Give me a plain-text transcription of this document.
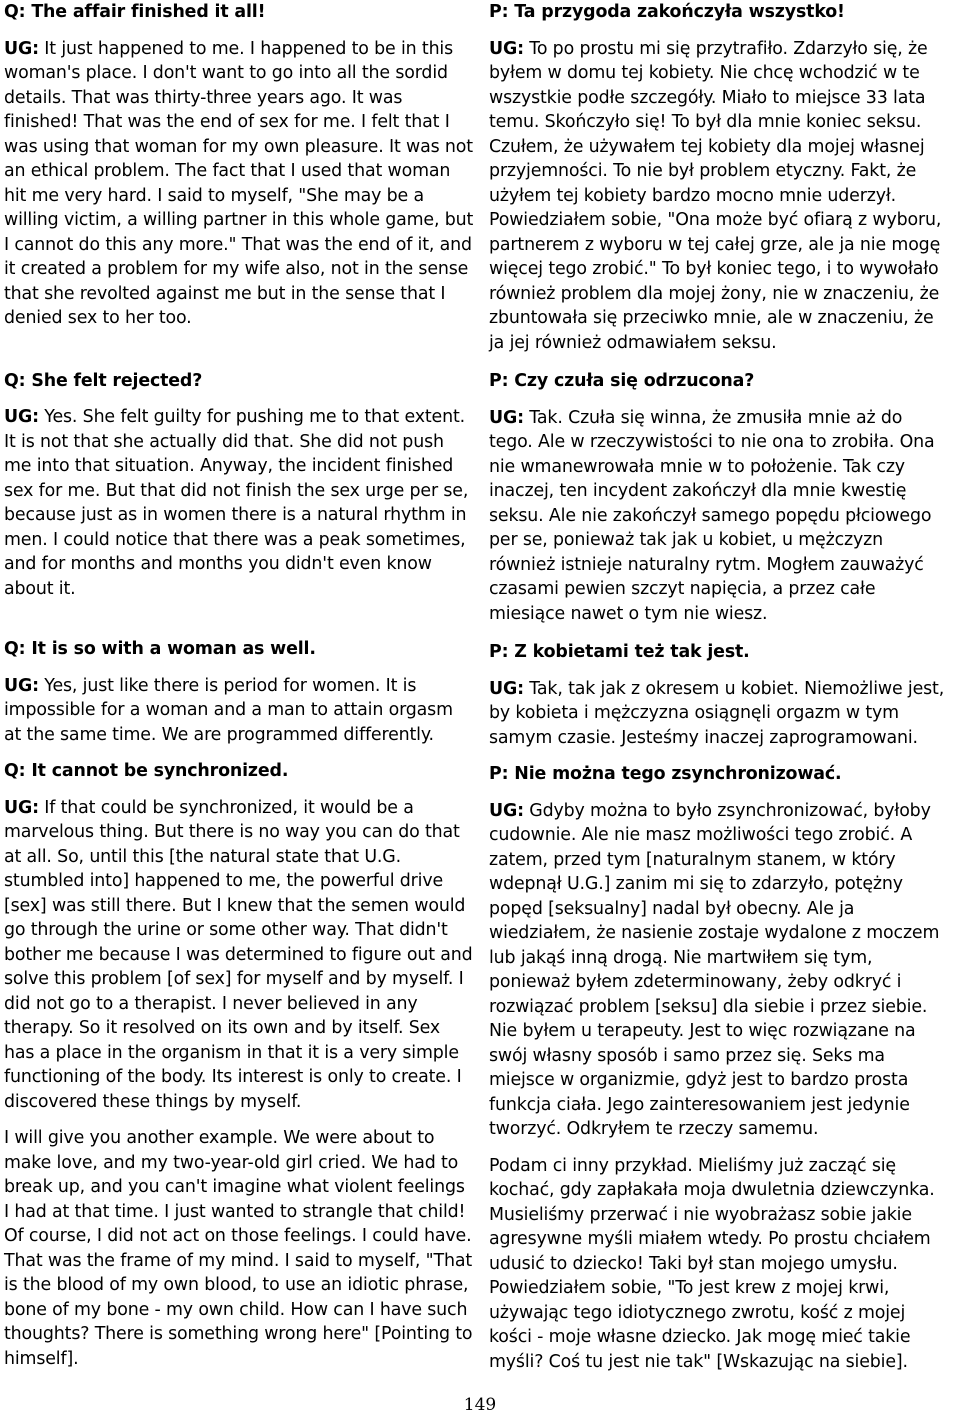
Q: The affair finished it all!

UG: It just happened to me. I happened to be in this woman's place. I don't want to go into all the sordid details. That was thirty-three years ago. It was finished! That was the end of sex for me. I felt that I was using that woman for my own pleasure. It was not an ethical problem. The fact that I used that woman hit me very hard. I said to myself, "She may be a willing victim, a willing partner in this whole game, but I cannot do this any more." That was the end of it, and it created a problem for my wife also, not in the sense that she revolted against me but in the sense that I denied sex to her too.

Q: She felt rejected?

UG: Yes. She felt guilty for pushing me to that extent. It is not that she actually did that. She did not push me into that situation. Anyway, the incident finished sex for me. But that did not finish the sex urge per se, because just as in women there is a natural rhythm in men. I could notice that there was a peak sometimes, and for months and months you didn't even know about it.

Q: It is so with a woman as well.

UG: Yes, just like there is period for women. It is impossible for a woman and a man to attain orgasm at the same time. We are programmed differently.

Q: It cannot be synchronized.

UG: If that could be synchronized, it would be a marvelous thing. But there is no way you can do that at all. So, until this [the natural state that U.G. stumbled into] happened to me, the powerful drive [sex] was still there. But I knew that the semen would go through the urine or some other way. That didn't bother me because I was determined to figure out and solve this problem [of sex] for myself and by myself. I did not go to a therapist. I never believed in any therapy. So it resolved on its own and by itself. Sex has a place in the organism in that it is a very simple functioning of the body. Its interest is only to create. I discovered these things by myself.

I will give you another example. We were about to make love, and my two-year-old girl cried. We had to break up, and you can't imagine what violent feelings I had at that time. I just wanted to strangle that child! Of course, I did not act on those feelings. I could have. That was the frame of my mind. I said to myself, "That is the blood of my own blood, to use an idiotic phrase, bone of my bone - my own child. How can I have such thoughts? There is something wrong here" [Pointing to himself].

P: Ta przygoda zakończyła wszystko!

UG: To po prostu mi się przytrafiło. Zdarzyło się, że byłem w domu tej kobiety. Nie chcę wchodzić w te wszystkie podłe szczegóły. Miało to miejsce 33 lata temu. Skończyło się! To był dla mnie koniec seksu. Czułem, że używałem tej kobiety dla mojej własnej przyjemności. To nie był problem etyczny. Fakt, że użyłem tej kobiety bardzo mocno mnie uderzył. Powiedziałem sobie, "Ona może być ofiarą z wyboru, partnerem z wyboru w tej całej grze, ale ja nie mogę więcej tego zrobić." To był koniec tego, i to wywołało również problem dla mojej żony, nie w znaczeniu, że zbuntowała się przeciwko mnie, ale w znaczeniu, że ja jej również odmawiałem seksu.

P: Czy czuła się odrzucona?

UG: Tak. Czuła się winna, że zmusiła mnie aż do tego. Ale w rzeczywistości to nie ona to zrobiła. Ona nie wmanewrowała mnie w to położenie. Tak czy inaczej, ten incydent zakończył dla mnie kwestię seksu. Ale nie zakończył samego popędu płciowego per se, ponieważ tak jak u kobiet, u mężczyzn również istnieje naturalny rytm. Mogłem zauważyć czasami pewien szczyt napięcia, a przez całe miesiące nawet o tym nie wiesz.

P: Z kobietami też tak jest.

UG: Tak, tak jak z okresem u kobiet. Niemożliwe jest, by kobieta i mężczyzna osiągnęli orgazm w tym samym czasie. Jesteśmy inaczej zaprogramowani.

P: Nie można tego zsynchronizować.

UG: Gdyby można to było zsynchronizować, byłoby cudownie. Ale nie masz możliwości tego zrobić. A zatem, przed tym [naturalnym stanem, w który wdepnął U.G.] zanim mi się to zdarzyło, potężny popęd [seksualny] nadal był obecny. Ale ja wiedziałem, że nasienie zostaje wydalone z moczem lub jakąś inną drogą. Nie martwiłem się tym, ponieważ byłem zdeterminowany, żeby odkryć i rozwiązać problem [seksu] dla siebie i przez siebie. Nie byłem u terapeuty. Jest to więc rozwiązane na swój własny sposób i samo przez się. Seks ma miejsce w organizmie, gdyż jest to bardzo prosta funkcja ciała. Jego zainteresowaniem jest jedynie tworzyć. Odkryłem te rzeczy samemu.

Podam ci inny przykład. Mieliśmy już zacząć się kochać, gdy zapłakała moja dwuletnia dziewczynka. Musieliśmy przerwać i nie wyobrażasz sobie jakie agresywne myśli miałem wtedy. Po prostu chciałem udusić to dziecko! Taki był stan mojego umysłu. Powiedziałem sobie, "To jest krew z mojej krwi, używając tego idiotycznego zwrotu, kość z mojej kości - moje własne dziecko. Jak mogę mieć takie myśli? Coś tu jest nie tak" [Wskazując na siebie].

149
